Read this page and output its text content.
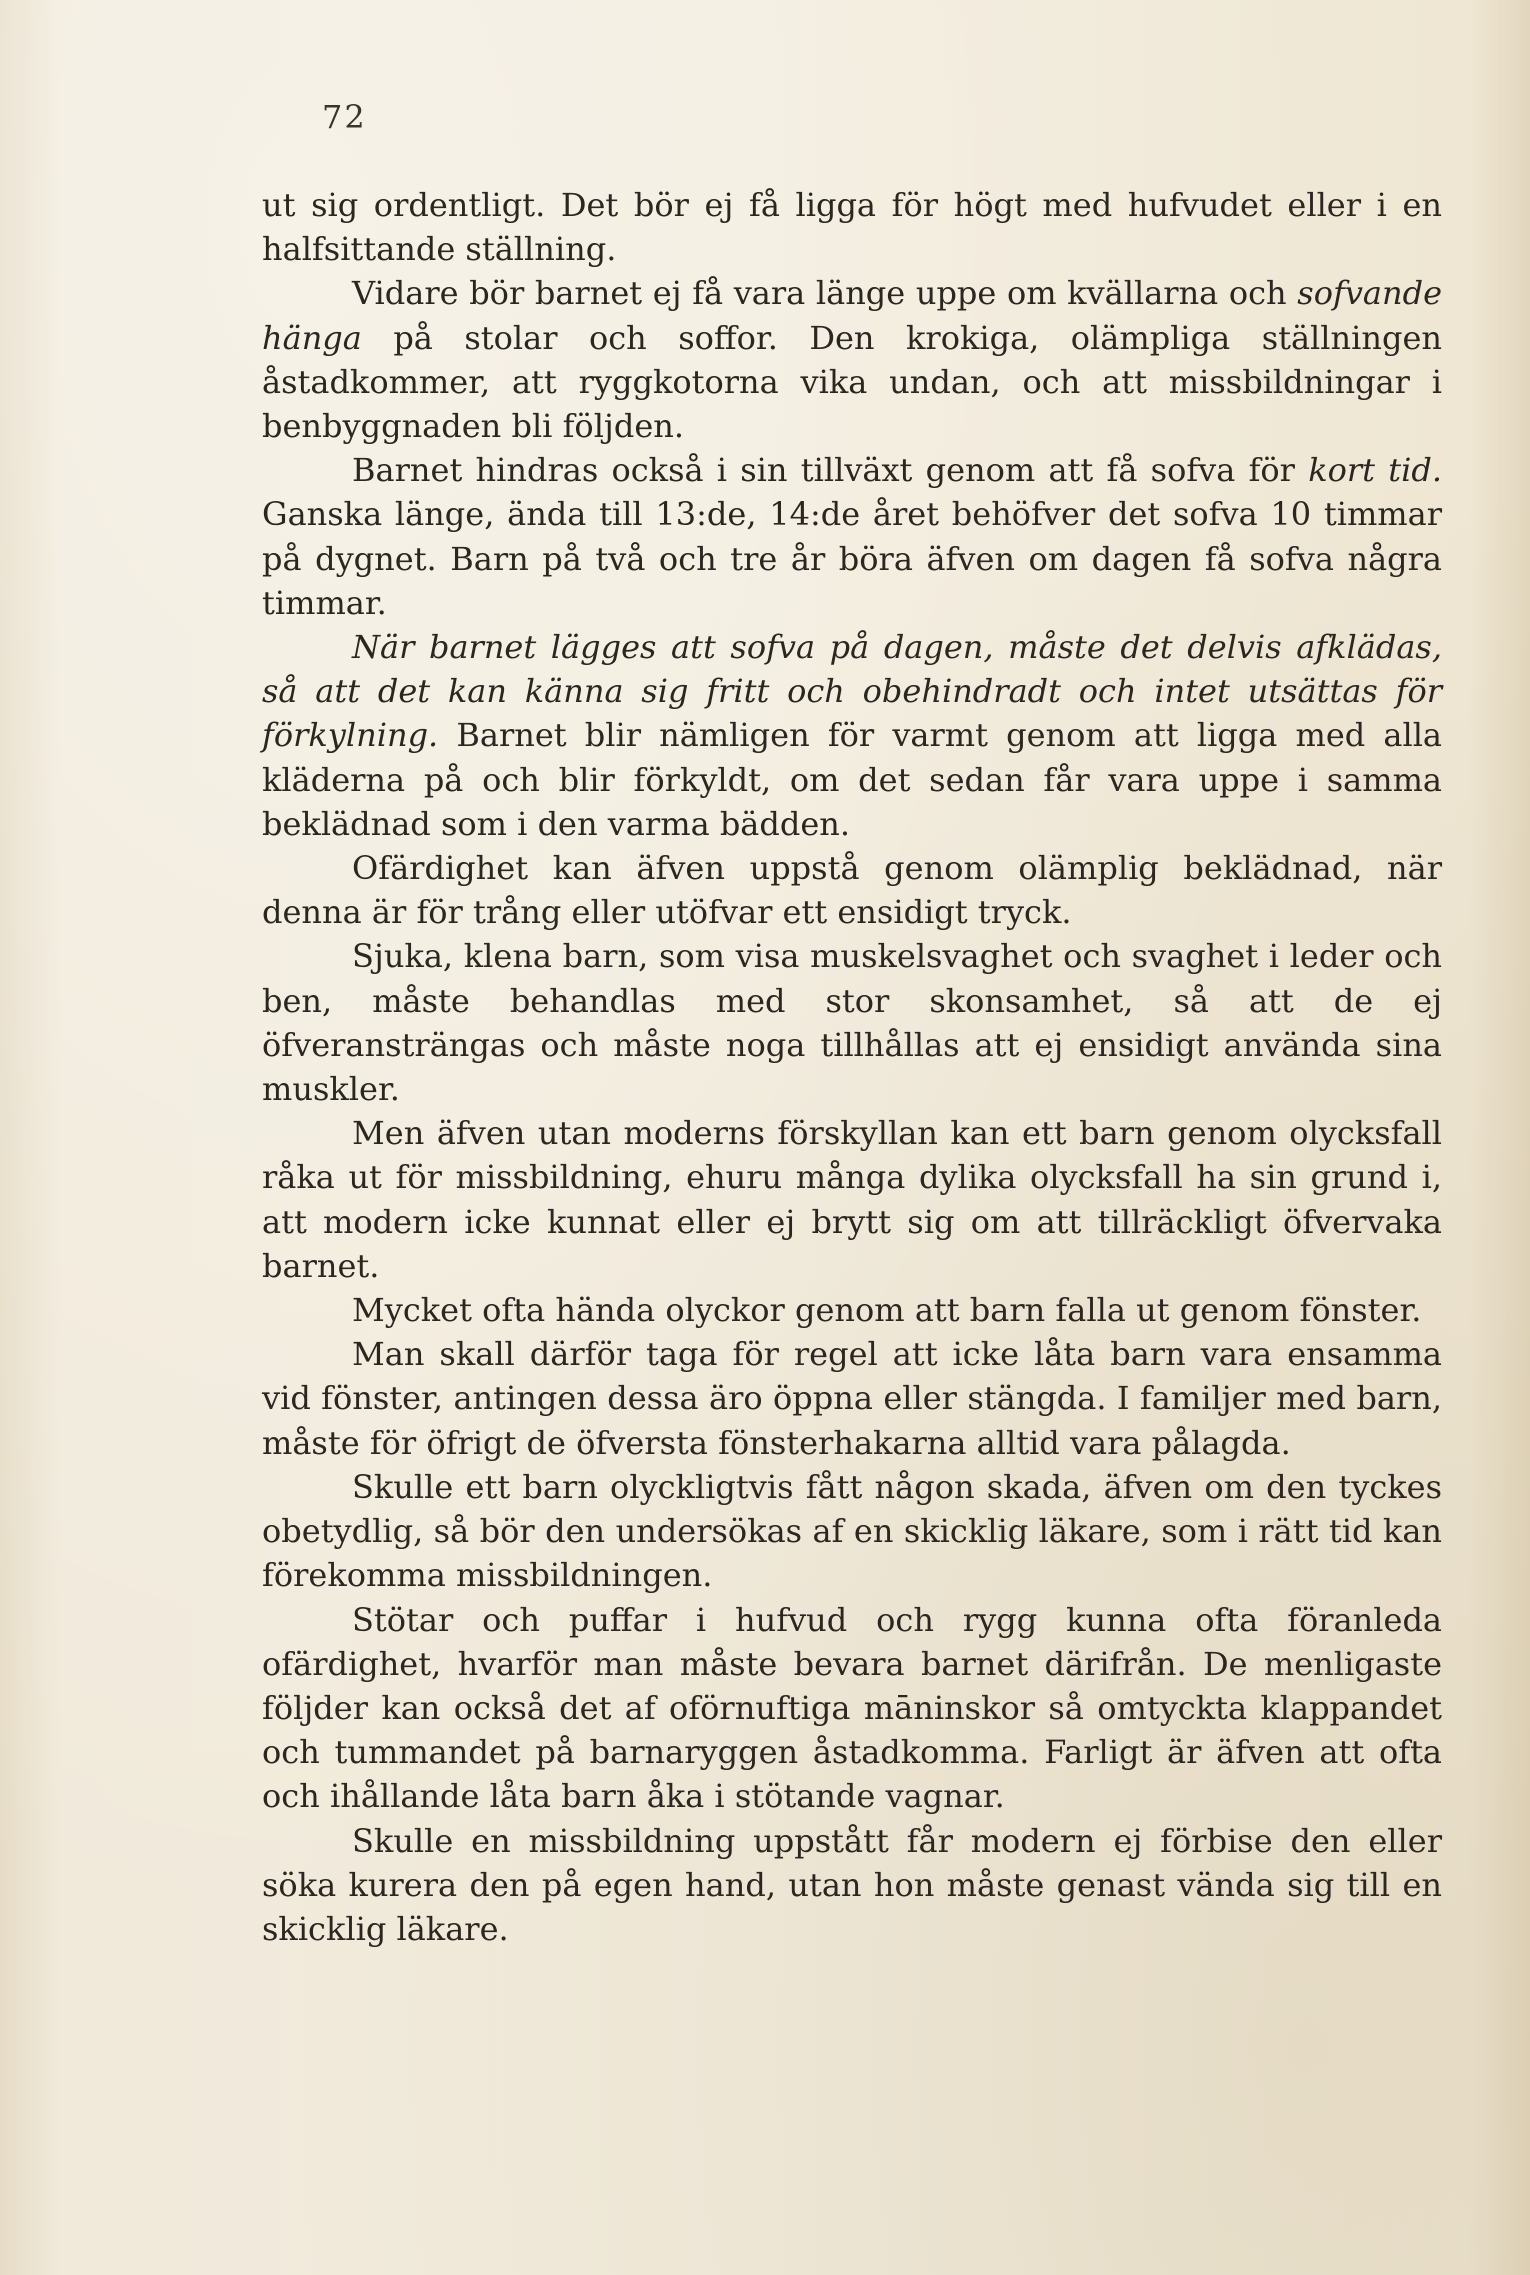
72

ut sig ordentligt. Det bör ej få ligga för högt med hufvudet eller i en halfsittande ställning.

Vidare bör barnet ej få vara länge uppe om kvällarna och sofvande hänga på stolar och soffor. Den krokiga, olämpliga ställningen åstadkommer, att ryggkotorna vika undan, och att missbildningar i benbyggnaden bli följden.

Barnet hindras också i sin tillväxt genom att få sofva för kort tid. Ganska länge, ända till 13:de, 14:de året behöfver det sofva 10 timmar på dygnet. Barn på två och tre år böra äfven om dagen få sofva några timmar.

När barnet lägges att sofva på dagen, måste det delvis afklädas, så att det kan känna sig fritt och obehindradt och intet utsättas för förkylning. Barnet blir nämligen för varmt genom att ligga med alla kläderna på och blir förkyldt, om det sedan får vara uppe i samma beklädnad som i den varma bädden.

Ofärdighet kan äfven uppstå genom olämplig beklädnad, när denna är för trång eller utöfvar ett ensidigt tryck.

Sjuka, klena barn, som visa muskelsvaghet och svaghet i leder och ben, måste behandlas med stor skonsamhet, så att de ej öfveransträngas och måste noga tillhållas att ej ensidigt använda sina muskler.

Men äfven utan moderns förskyllan kan ett barn genom olycksfall råka ut för missbildning, ehuru många dylika olycksfall ha sin grund i, att modern icke kunnat eller ej brytt sig om att tillräckligt öfvervaka barnet.

Mycket ofta hända olyckor genom att barn falla ut genom fönster.

Man skall därför taga för regel att icke låta barn vara ensamma vid fönster, antingen dessa äro öppna eller stängda. I familjer med barn, måste för öfrigt de öfversta fönsterhakarna alltid vara pålagda.

Skulle ett barn olyckligtvis fått någon skada, äfven om den tyckes obetydlig, så bör den undersökas af en skicklig läkare, som i rätt tid kan förekomma missbildningen.

Stötar och puffar i hufvud och rygg kunna ofta föranleda ofärdighet, hvarför man måste bevara barnet därifrån. De menligaste följder kan också det af oförnuftiga māninskor så omtyckta klappandet och tummandet på barnaryggen åstadkomma. Farligt är äfven att ofta och ihållande låta barn åka i stötande vagnar.

Skulle en missbildning uppstått får modern ej förbise den eller söka kurera den på egen hand, utan hon måste genast vända sig till en skicklig läkare.
